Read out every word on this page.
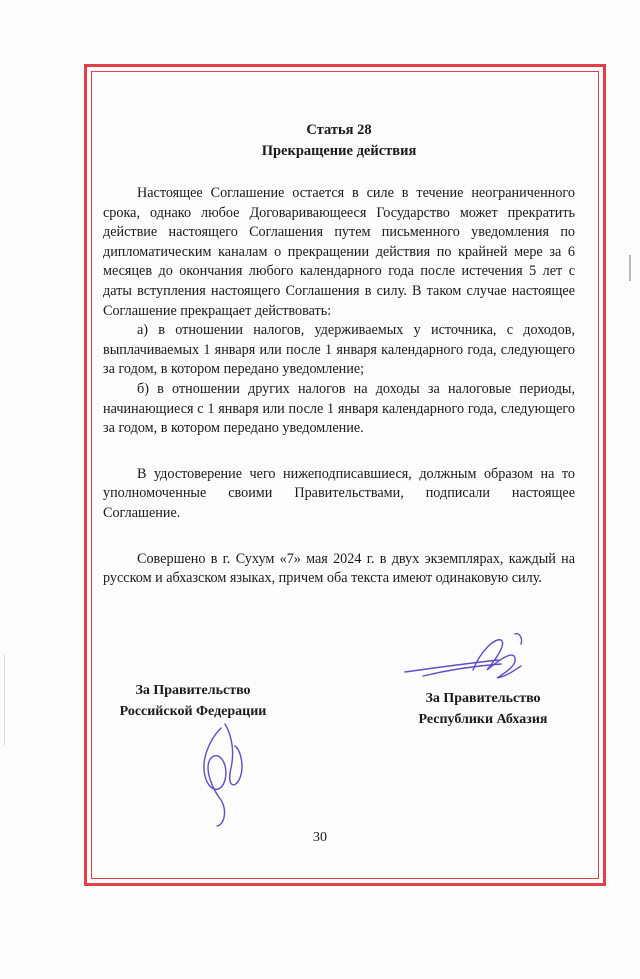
Статья 28

Прекращение действия

Настоящее Соглашение остается в силе в течение неограниченного срока, однако любое Договаривающееся Государство может прекратить действие настоящего Соглашения путем письменного уведомления по дипломатическим каналам о прекращении действия по крайней мере за 6 месяцев до окончания любого календарного года после истечения 5 лет с даты вступления настоящего Соглашения в силу. В таком случае настоящее Соглашение прекращает действовать:

а) в отношении налогов, удерживаемых у источника, с доходов, выплачиваемых 1 января или после 1 января календарного года, следующего за годом, в котором передано уведомление;

б) в отношении других налогов на доходы за налоговые периоды, начинающиеся с 1 января или после 1 января календарного года, следующего за годом, в котором передано уведомление.

В удостоверение чего нижеподписавшиеся, должным образом на то уполномоченные своими Правительствами, подписали настоящее Соглашение.

Совершено в г. Сухум «7» мая 2024 г. в двух экземплярах, каждый на русском и абхазском языках, причем оба текста имеют одинаковую силу.

За Правительство
Российской Федерации
За Правительство
Республики Абхазия
30
